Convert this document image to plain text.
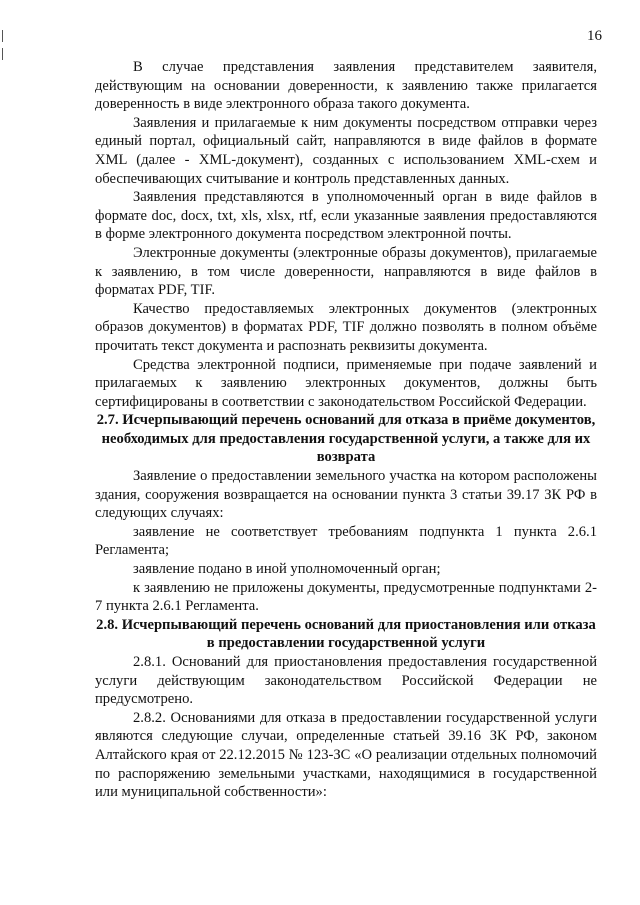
16

В случае представления заявления представителем заявителя, действующим на основании доверенности, к заявлению также прилагается доверенность в виде электронного образа такого документа.

Заявления и прилагаемые к ним документы посредством отправки через единый портал, официальный сайт, направляются в виде файлов в формате XML (далее - XML-документ), созданных с использованием XML-схем и обеспечивающих считывание и контроль представленных данных.

Заявления представляются в уполномоченный орган в виде файлов в формате doc, docx, txt, xls, xlsx, rtf, если указанные заявления предоставляются в форме электронного документа посредством электронной почты.

Электронные документы (электронные образы документов), прилагаемые к заявлению, в том числе доверенности, направляются в виде файлов в форматах PDF, TIF.

Качество предоставляемых электронных документов (электронных образов документов) в форматах PDF, TIF должно позволять в полном объёме прочитать текст документа и распознать реквизиты документа.

Средства электронной подписи, применяемые при подаче заявлений и прилагаемых к заявлению электронных документов, должны быть сертифицированы в соответствии с законодательством Российской Федерации.

2.7. Исчерпывающий перечень оснований для отказа в приёме документов, необходимых для предоставления государственной услуги, а также для их возврата

Заявление о предоставлении земельного участка на котором расположены здания, сооружения возвращается на основании пункта 3 статьи 39.17 ЗК РФ в следующих случаях:

заявление не соответствует требованиям подпункта 1 пункта 2.6.1 Регламента;

заявление подано в иной уполномоченный орган;

к заявлению не приложены документы, предусмотренные подпунктами 2-7 пункта 2.6.1 Регламента.

2.8. Исчерпывающий перечень оснований для приостановления или отказа в предоставлении государственной услуги

2.8.1. Оснований для приостановления предоставления государственной услуги действующим законодательством Российской Федерации не предусмотрено.

2.8.2. Основаниями для отказа в предоставлении государственной услуги являются следующие случаи, определенные статьей 39.16 ЗК РФ, законом Алтайского края от 22.12.2015 № 123-ЗС «О реализации отдельных полномочий по распоряжению земельными участками, находящимися в государственной или муниципальной собственности»:
